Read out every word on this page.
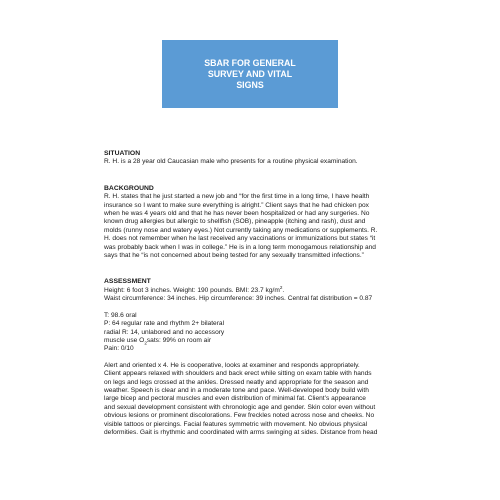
SBAR FOR GENERAL
SURVEY AND VITAL
SIGNS
SITUATION
R. H. is a 28 year old Caucasian male who presents for a routine physical examination.
BACKGROUND
R. H. states that he just started a new job and “for the first time in a long time, I have health
insurance so I want to make sure everything is alright.” Client says that he had chicken pox
when he was 4 years old and that he has never been hospitalized or had any surgeries. No
known drug allergies but allergic to shellfish (SOB), pineapple (itching and rash), dust and
molds (runny nose and watery eyes.) Not currently taking any medications or supplements. R.
H. does not remember when he last received any vaccinations or immunizations but states “it
was probably back when I was in college.” He is in a long term monogamous relationship and
says that he “is not concerned about being tested for any sexually transmitted infections.”
ASSESSMENT
Height: 6 foot 3 inches. Weight: 190 pounds. BMI: 23.7 $kg/m^2$.
Waist circumference: 34 inches. Hip circumference: 39 inches. Central fat distribution = 0.87
T: 98.6 oral
P: 64 regular rate and rhythm 2+ bilateral
radial R: 14, unlabored and no accessory
muscle use $O_2sats$: 99% on room air
Pain: 0/10
Alert and oriented x 4. He is cooperative, looks at examiner and responds appropriately.
Client appears relaxed with shoulders and back erect while sitting on exam table with hands
on legs and legs crossed at the ankles. Dressed neatly and appropriate for the season and
weather. Speech is clear and in a moderate tone and pace. Well-developed body build with
large bicep and pectoral muscles and even distribution of minimal fat. Client’s appearance
and sexual development consistent with chronologic age and gender. Skin color even without
obvious lesions or prominent discolorations. Few freckles noted across nose and cheeks. No
visible tattoos or piercings. Facial features symmetric with movement. No obvious physical
deformities. Gait is rhythmic and coordinated with arms swinging at sides. Distance from head
